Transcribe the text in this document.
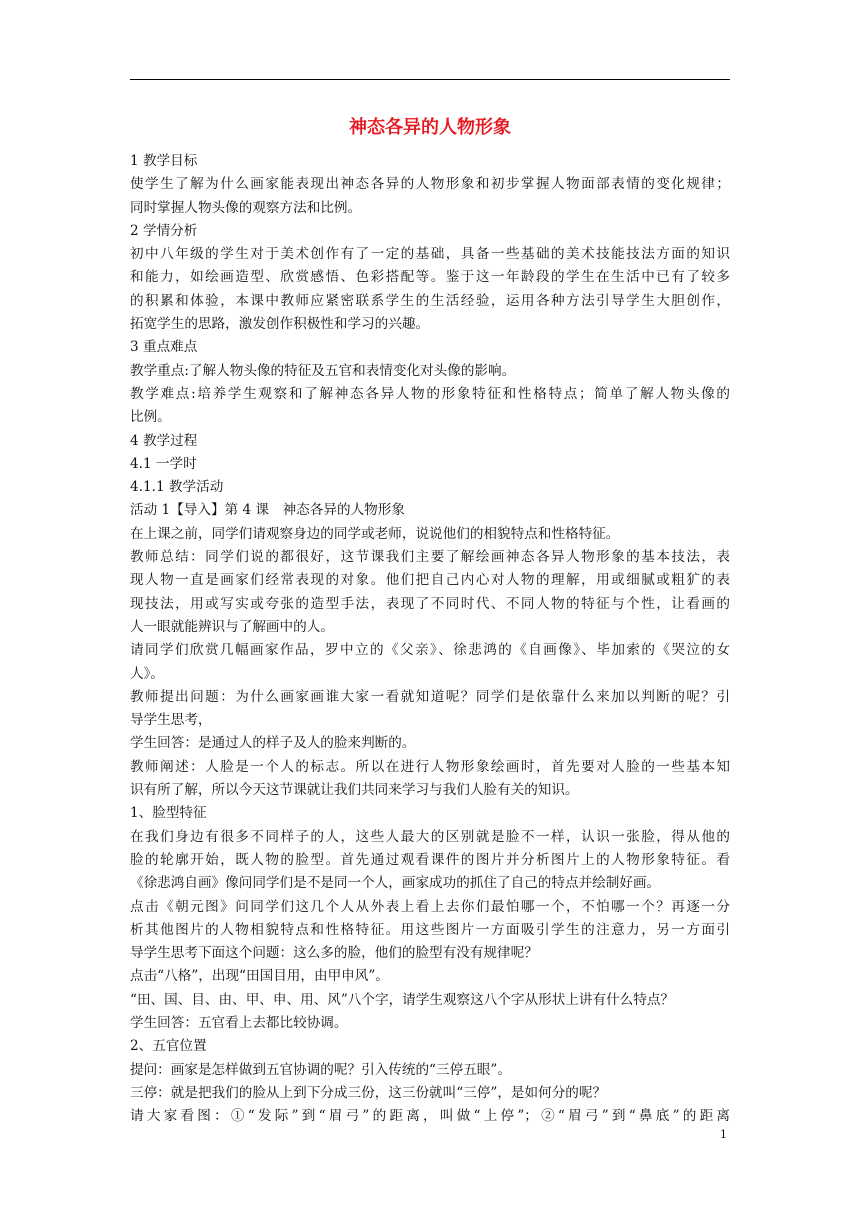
神态各异的人物形象
1 教学目标
使学生了解为什么画家能表现出神态各异的人物形象和初步掌握人物面部表情的变化规律；
同时掌握人物头像的观察方法和比例。
2 学情分析
初中八年级的学生对于美术创作有了一定的基础，具备一些基础的美术技能技法方面的知识
和能力，如绘画造型、欣赏感悟、色彩搭配等。鉴于这一年龄段的学生在生活中已有了较多
的积累和体验，本课中教师应紧密联系学生的生活经验，运用各种方法引导学生大胆创作，
拓宽学生的思路，激发创作积极性和学习的兴趣。
3 重点难点
教学重点:了解人物头像的特征及五官和表情变化对头像的影响。
教学难点:培养学生观察和了解神态各异人物的形象特征和性格特点；简单了解人物头像的
比例。
4 教学过程
4.1 一学时
4.1.1 教学活动
活动 1【导入】第 4 课　神态各异的人物形象
在上课之前，同学们请观察身边的同学或老师，说说他们的相貌特点和性格特征。
教师总结：同学们说的都很好，这节课我们主要了解绘画神态各异人物形象的基本技法，表
现人物一直是画家们经常表现的对象。他们把自己内心对人物的理解，用或细腻或粗犷的表
现技法，用或写实或夸张的造型手法，表现了不同时代、不同人物的特征与个性，让看画的
人一眼就能辨识与了解画中的人。
请同学们欣赏几幅画家作品，罗中立的《父亲》、徐悲鸿的《自画像》、毕加索的《哭泣的女
人》。
教师提出问题：为什么画家画谁大家一看就知道呢？同学们是依靠什么来加以判断的呢？引
导学生思考，
学生回答：是通过人的样子及人的脸来判断的。
教师阐述：人脸是一个人的标志。所以在进行人物形象绘画时，首先要对人脸的一些基本知
识有所了解，所以今天这节课就让我们共同来学习与我们人脸有关的知识。
1、脸型特征
在我们身边有很多不同样子的人，这些人最大的区别就是脸不一样，认识一张脸，得从他的
脸的轮廓开始，既人物的脸型。首先通过观看课件的图片并分析图片上的人物形象特征。看
《徐悲鸿自画》像问同学们是不是同一个人，画家成功的抓住了自己的特点并绘制好画。
点击《朝元图》问同学们这几个人从外表上看上去你们最怕哪一个，不怕哪一个？再逐一分
析其他图片的人物相貌特点和性格特征。用这些图片一方面吸引学生的注意力，另一方面引
导学生思考下面这个问题：这么多的脸，他们的脸型有没有规律呢？
点击“八格”，出现“田国目用，由甲申风”。
“田、国、目、由、甲、申、用、风”八个字，请学生观察这八个字从形状上讲有什么特点？
学生回答：五官看上去都比较协调。
2、五官位置
提问：画家是怎样做到五官协调的呢？引入传统的“三停五眼”。
三停：就是把我们的脸从上到下分成三份，这三份就叫“三停”，是如何分的呢？
请大家看图：①“发际”到“眉弓”的距离，叫做“上停”；②“眉弓”到“鼻底”的距离
1
